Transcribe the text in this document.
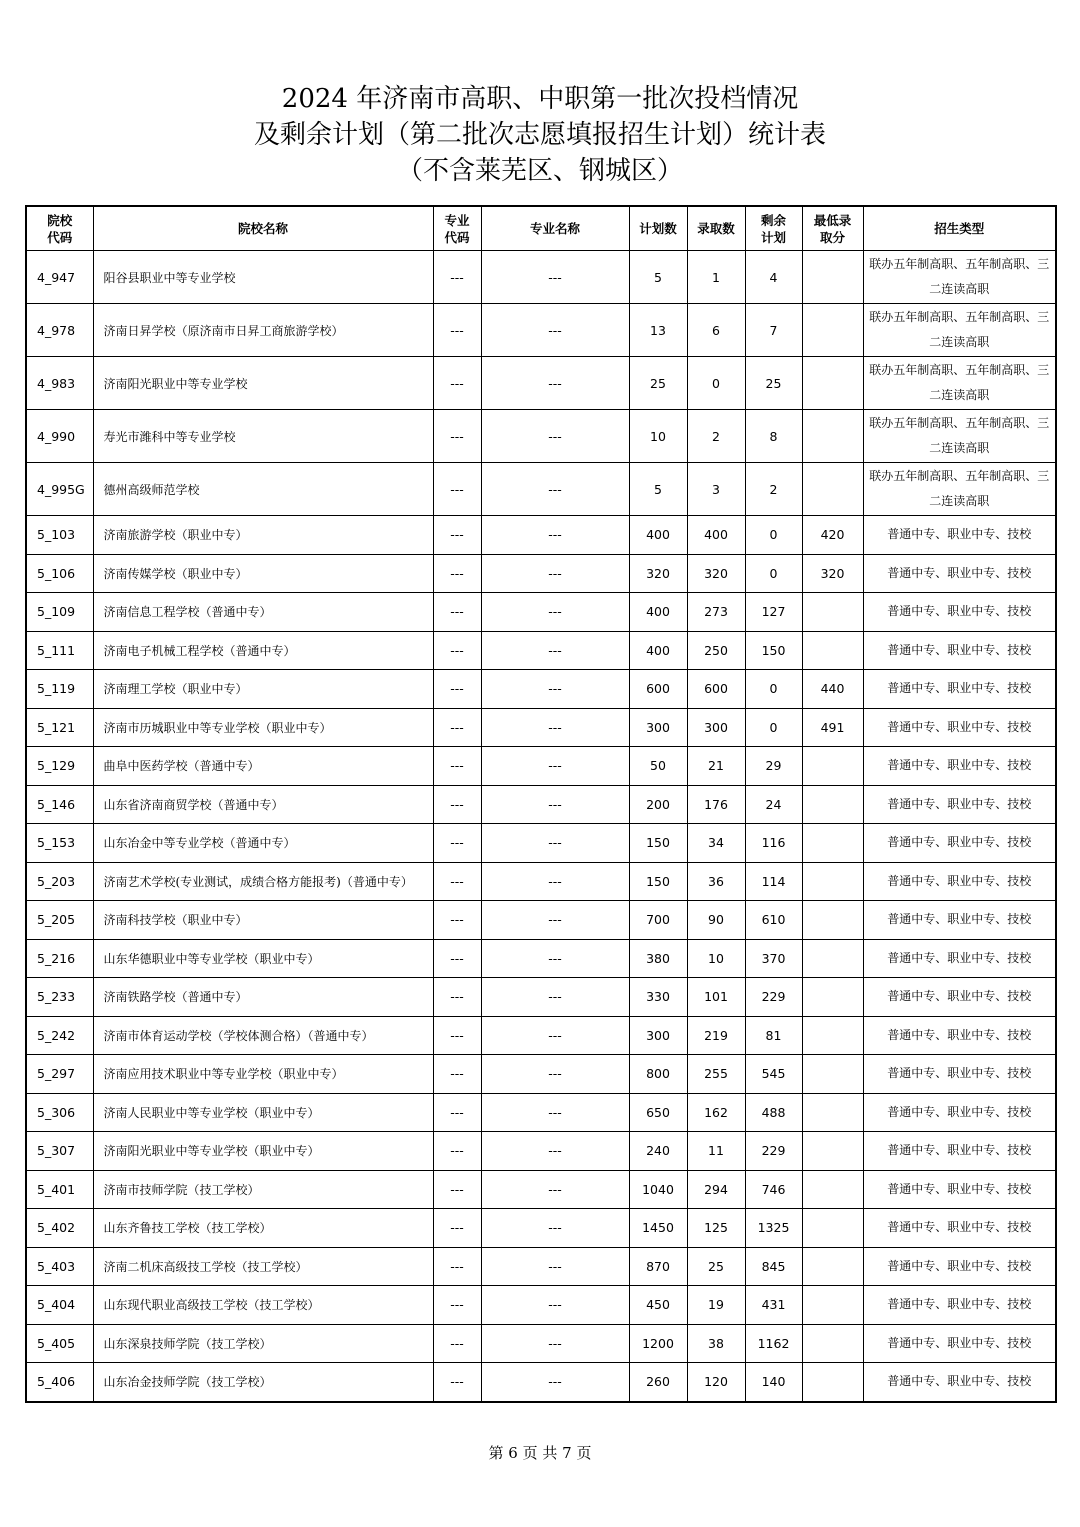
2024 年济南市高职、中职第一批次投档情况
及剩余计划（第二批次志愿填报招生计划）统计表
（不含莱芜区、钢城区）
院校代码	院校名称	专业代码	专业名称	计划数	录取数	剩余计划	最低录取分	招生类型
4_947	阳谷县职业中等专业学校	---	---	5	1	4		联办五年制高职、五年制高职、三二连读高职
4_978	济南日昇学校（原济南市日昇工商旅游学校）	---	---	13	6	7		联办五年制高职、五年制高职、三二连读高职
4_983	济南阳光职业中等专业学校	---	---	25	0	25		联办五年制高职、五年制高职、三二连读高职
4_990	寿光市潍科中等专业学校	---	---	10	2	8		联办五年制高职、五年制高职、三二连读高职
4_995G	德州高级师范学校	---	---	5	3	2		联办五年制高职、五年制高职、三二连读高职
5_103	济南旅游学校（职业中专）	---	---	400	400	0	420	普通中专、职业中专、技校
5_106	济南传媒学校（职业中专）	---	---	320	320	0	320	普通中专、职业中专、技校
5_109	济南信息工程学校（普通中专）	---	---	400	273	127		普通中专、职业中专、技校
5_111	济南电子机械工程学校（普通中专）	---	---	400	250	150		普通中专、职业中专、技校
5_119	济南理工学校（职业中专）	---	---	600	600	0	440	普通中专、职业中专、技校
5_121	济南市历城职业中等专业学校（职业中专）	---	---	300	300	0	491	普通中专、职业中专、技校
5_129	曲阜中医药学校（普通中专）	---	---	50	21	29		普通中专、职业中专、技校
5_146	山东省济南商贸学校（普通中专）	---	---	200	176	24		普通中专、职业中专、技校
5_153	山东冶金中等专业学校（普通中专）	---	---	150	34	116		普通中专、职业中专、技校
5_203	济南艺术学校(专业测试，成绩合格方能报考)（普通中专）	---	---	150	36	114		普通中专、职业中专、技校
5_205	济南科技学校（职业中专）	---	---	700	90	610		普通中专、职业中专、技校
5_216	山东华德职业中等专业学校（职业中专）	---	---	380	10	370		普通中专、职业中专、技校
5_233	济南铁路学校（普通中专）	---	---	330	101	229		普通中专、职业中专、技校
5_242	济南市体育运动学校（学校体测合格）（普通中专）	---	---	300	219	81		普通中专、职业中专、技校
5_297	济南应用技术职业中等专业学校（职业中专）	---	---	800	255	545		普通中专、职业中专、技校
5_306	济南人民职业中等专业学校（职业中专）	---	---	650	162	488		普通中专、职业中专、技校
5_307	济南阳光职业中等专业学校（职业中专）	---	---	240	11	229		普通中专、职业中专、技校
5_401	济南市技师学院（技工学校）	---	---	1040	294	746		普通中专、职业中专、技校
5_402	山东齐鲁技工学校（技工学校）	---	---	1450	125	1325		普通中专、职业中专、技校
5_403	济南二机床高级技工学校（技工学校）	---	---	870	25	845		普通中专、职业中专、技校
5_404	山东现代职业高级技工学校（技工学校）	---	---	450	19	431		普通中专、职业中专、技校
5_405	山东深泉技师学院（技工学校）	---	---	1200	38	1162		普通中专、职业中专、技校
5_406	山东冶金技师学院（技工学校）	---	---	260	120	140		普通中专、职业中专、技校
第 6 页 共 7 页
